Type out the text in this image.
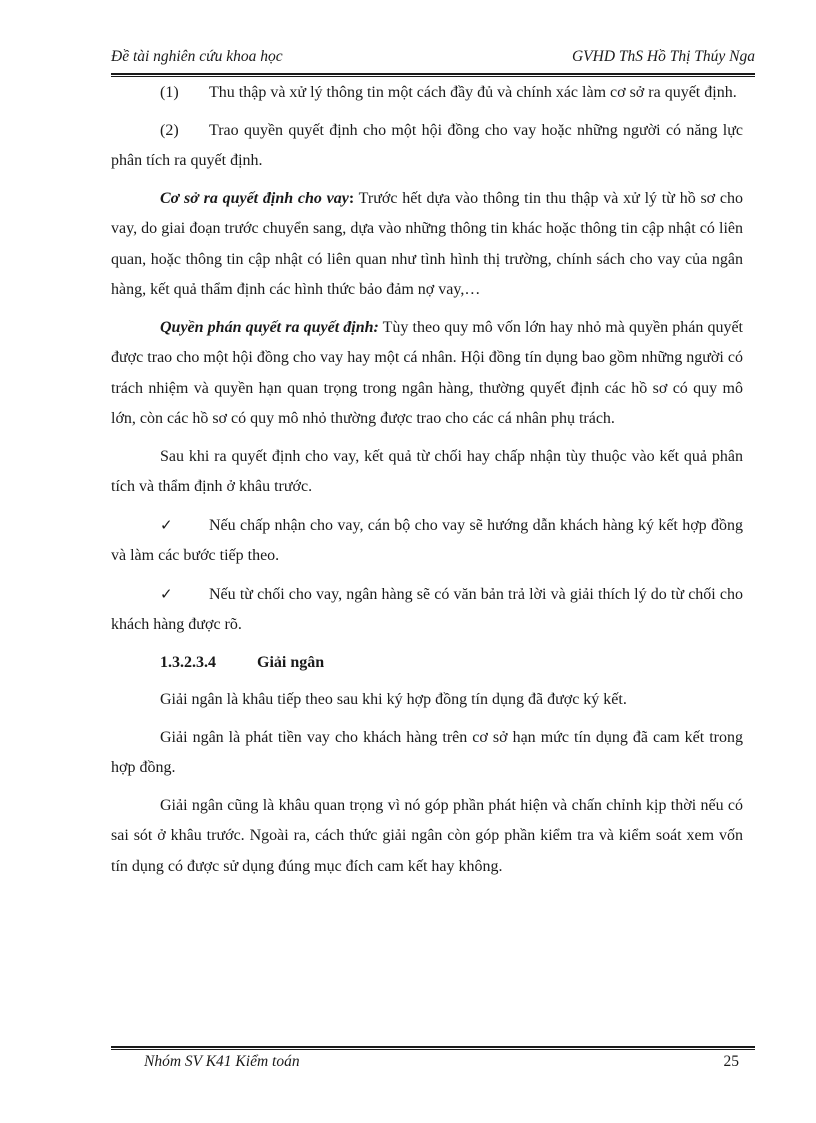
Đề tài nghiên cứu khoa học	GVHD ThS Hồ Thị Thúy Nga

(1) Thu thập và xử lý thông tin một cách đầy đủ và chính xác làm cơ sở ra quyết định.

(2) Trao quyền quyết định cho một hội đồng cho vay hoặc những người có năng lực phân tích ra quyết định.

Cơ sở ra quyết định cho vay: Trước hết dựa vào thông tin thu thập và xử lý từ hồ sơ cho vay, do giai đoạn trước chuyển sang, dựa vào những thông tin khác hoặc thông tin cập nhật có liên quan, hoặc thông tin cập nhật có liên quan như tình hình thị trường, chính sách cho vay của ngân hàng, kết quả thẩm định các hình thức bảo đảm nợ vay,…

Quyền phán quyết ra quyết định: Tùy theo quy mô vốn lớn hay nhỏ mà quyền phán quyết được trao cho một hội đồng cho vay hay một cá nhân. Hội đồng tín dụng bao gồm những người có trách nhiệm và quyền hạn quan trọng trong ngân hàng, thường quyết định các hồ sơ có quy mô lớn, còn các hồ sơ có quy mô nhỏ thường được trao cho các cá nhân phụ trách.

Sau khi ra quyết định cho vay, kết quả từ chối hay chấp nhận tùy thuộc vào kết quả phân tích và thẩm định ở khâu trước.

✓ Nếu chấp nhận cho vay, cán bộ cho vay sẽ hướng dẫn khách hàng ký kết hợp đồng và làm các bước tiếp theo.

✓ Nếu từ chối cho vay, ngân hàng sẽ có văn bản trả lời và giải thích lý do từ chối cho khách hàng được rõ.

1.3.2.3.4	Giải ngân

Giải ngân là khâu tiếp theo sau khi ký hợp đồng tín dụng đã được ký kết.

Giải ngân là phát tiền vay cho khách hàng trên cơ sở hạn mức tín dụng đã cam kết trong hợp đồng.

Giải ngân cũng là khâu quan trọng vì nó góp phần phát hiện và chấn chỉnh kịp thời nếu có sai sót ở khâu trước. Ngoài ra, cách thức giải ngân còn góp phần kiểm tra và kiểm soát xem vốn tín dụng có được sử dụng đúng mục đích cam kết hay không.

Nhóm SV K41 Kiểm toán	25
